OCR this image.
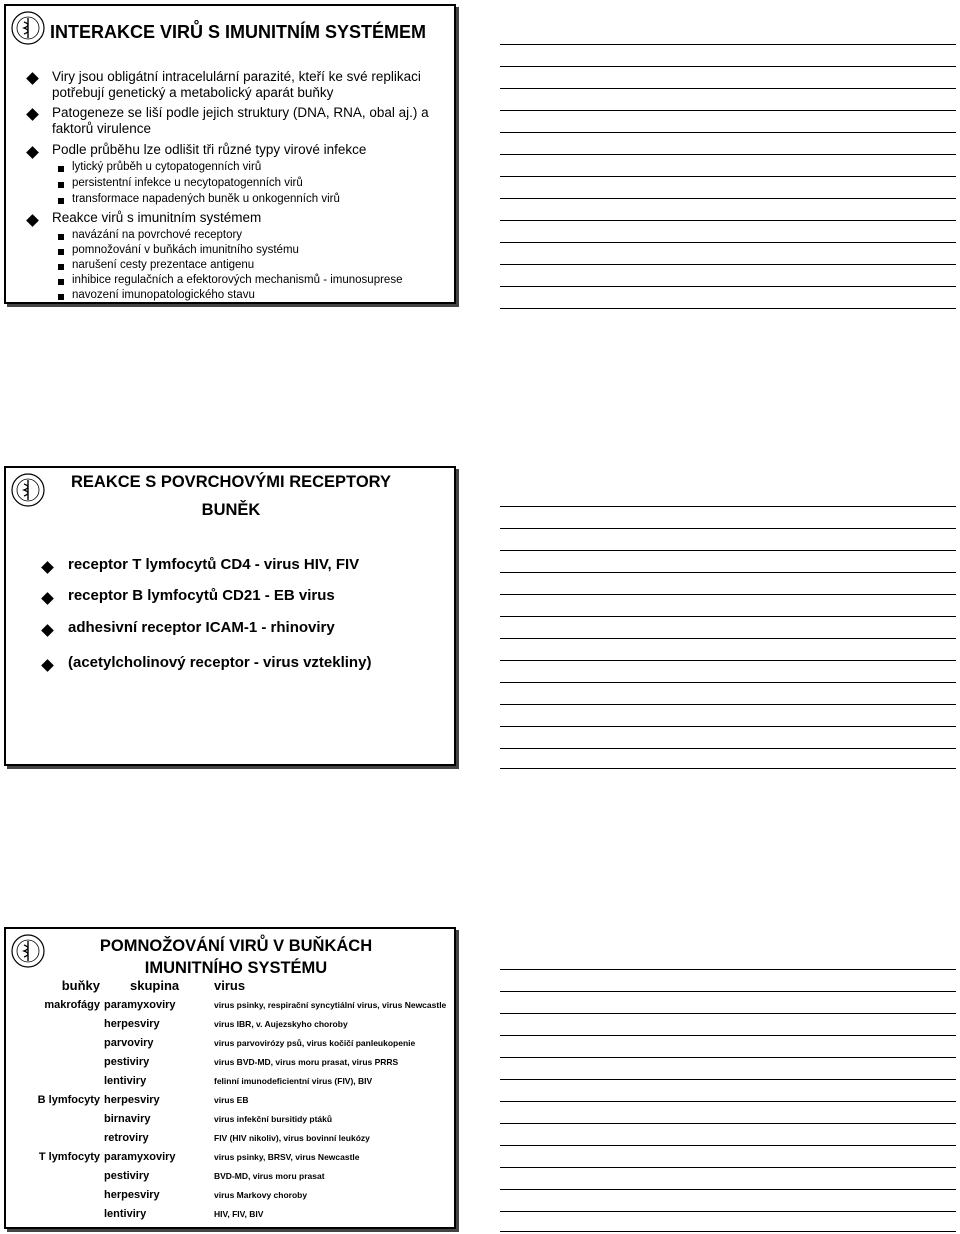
INTERAKCE VIRŮ S IMUNITNÍM SYSTÉMEM
Viry jsou obligátní intracelulární parazité, kteří ke své replikaci
potřebují genetický a metabolický aparát buňky
Patogeneze se liší podle jejich struktury (DNA, RNA, obal aj.) a
faktorů virulence
Podle průběhu lze odlišit tři různé typy virové infekce
lytický průběh u cytopatogenních virů
persistentní infekce u necytopatogenních virů
transformace napadených buněk u onkogenních virů
Reakce virů s imunitním systémem
navázání na povrchové receptory
pomnožování v buňkách imunitního systému
narušení cesty prezentace antigenu
inhibice regulačních a efektorových mechanismů - imunosuprese
navození imunopatologického stavu
REAKCE S POVRCHOVÝMI RECEPTORY
BUNĚK
receptor T lymfocytů CD4 - virus HIV, FIV
receptor B lymfocytů CD21 - EB virus
adhesivní receptor ICAM-1 - rhinoviry
(acetylcholinový receptor - virus vztekliny)
POMNOŽOVÁNÍ VIRŮ V BUŇKÁCH
IMUNITNÍHO SYSTÉMU
buňky	skupina	virus
makrofágy	paramyxoviry	virus psinky, respirační syncytiální virus, virus Newcastle
	herpesviry	virus IBR, v. Aujezskyho choroby
	parvoviry	virus parvovirózy psů, virus kočičí panleukopenie
	pestiviry	virus BVD-MD, virus moru prasat, virus PRRS
	lentiviry	felinní imunodeficientní virus (FIV), BIV
B lymfocyty	herpesviry	virus EB
	birnaviry	virus infekční bursitidy ptáků
	retroviry	FIV (HIV nikoliv), virus bovinní leukózy
T lymfocyty	paramyxoviry	virus psinky, BRSV, virus Newcastle
	pestiviry	BVD-MD, virus moru prasat
	herpesviry	virus Markovy choroby
	lentiviry	HIV, FIV, BIV
